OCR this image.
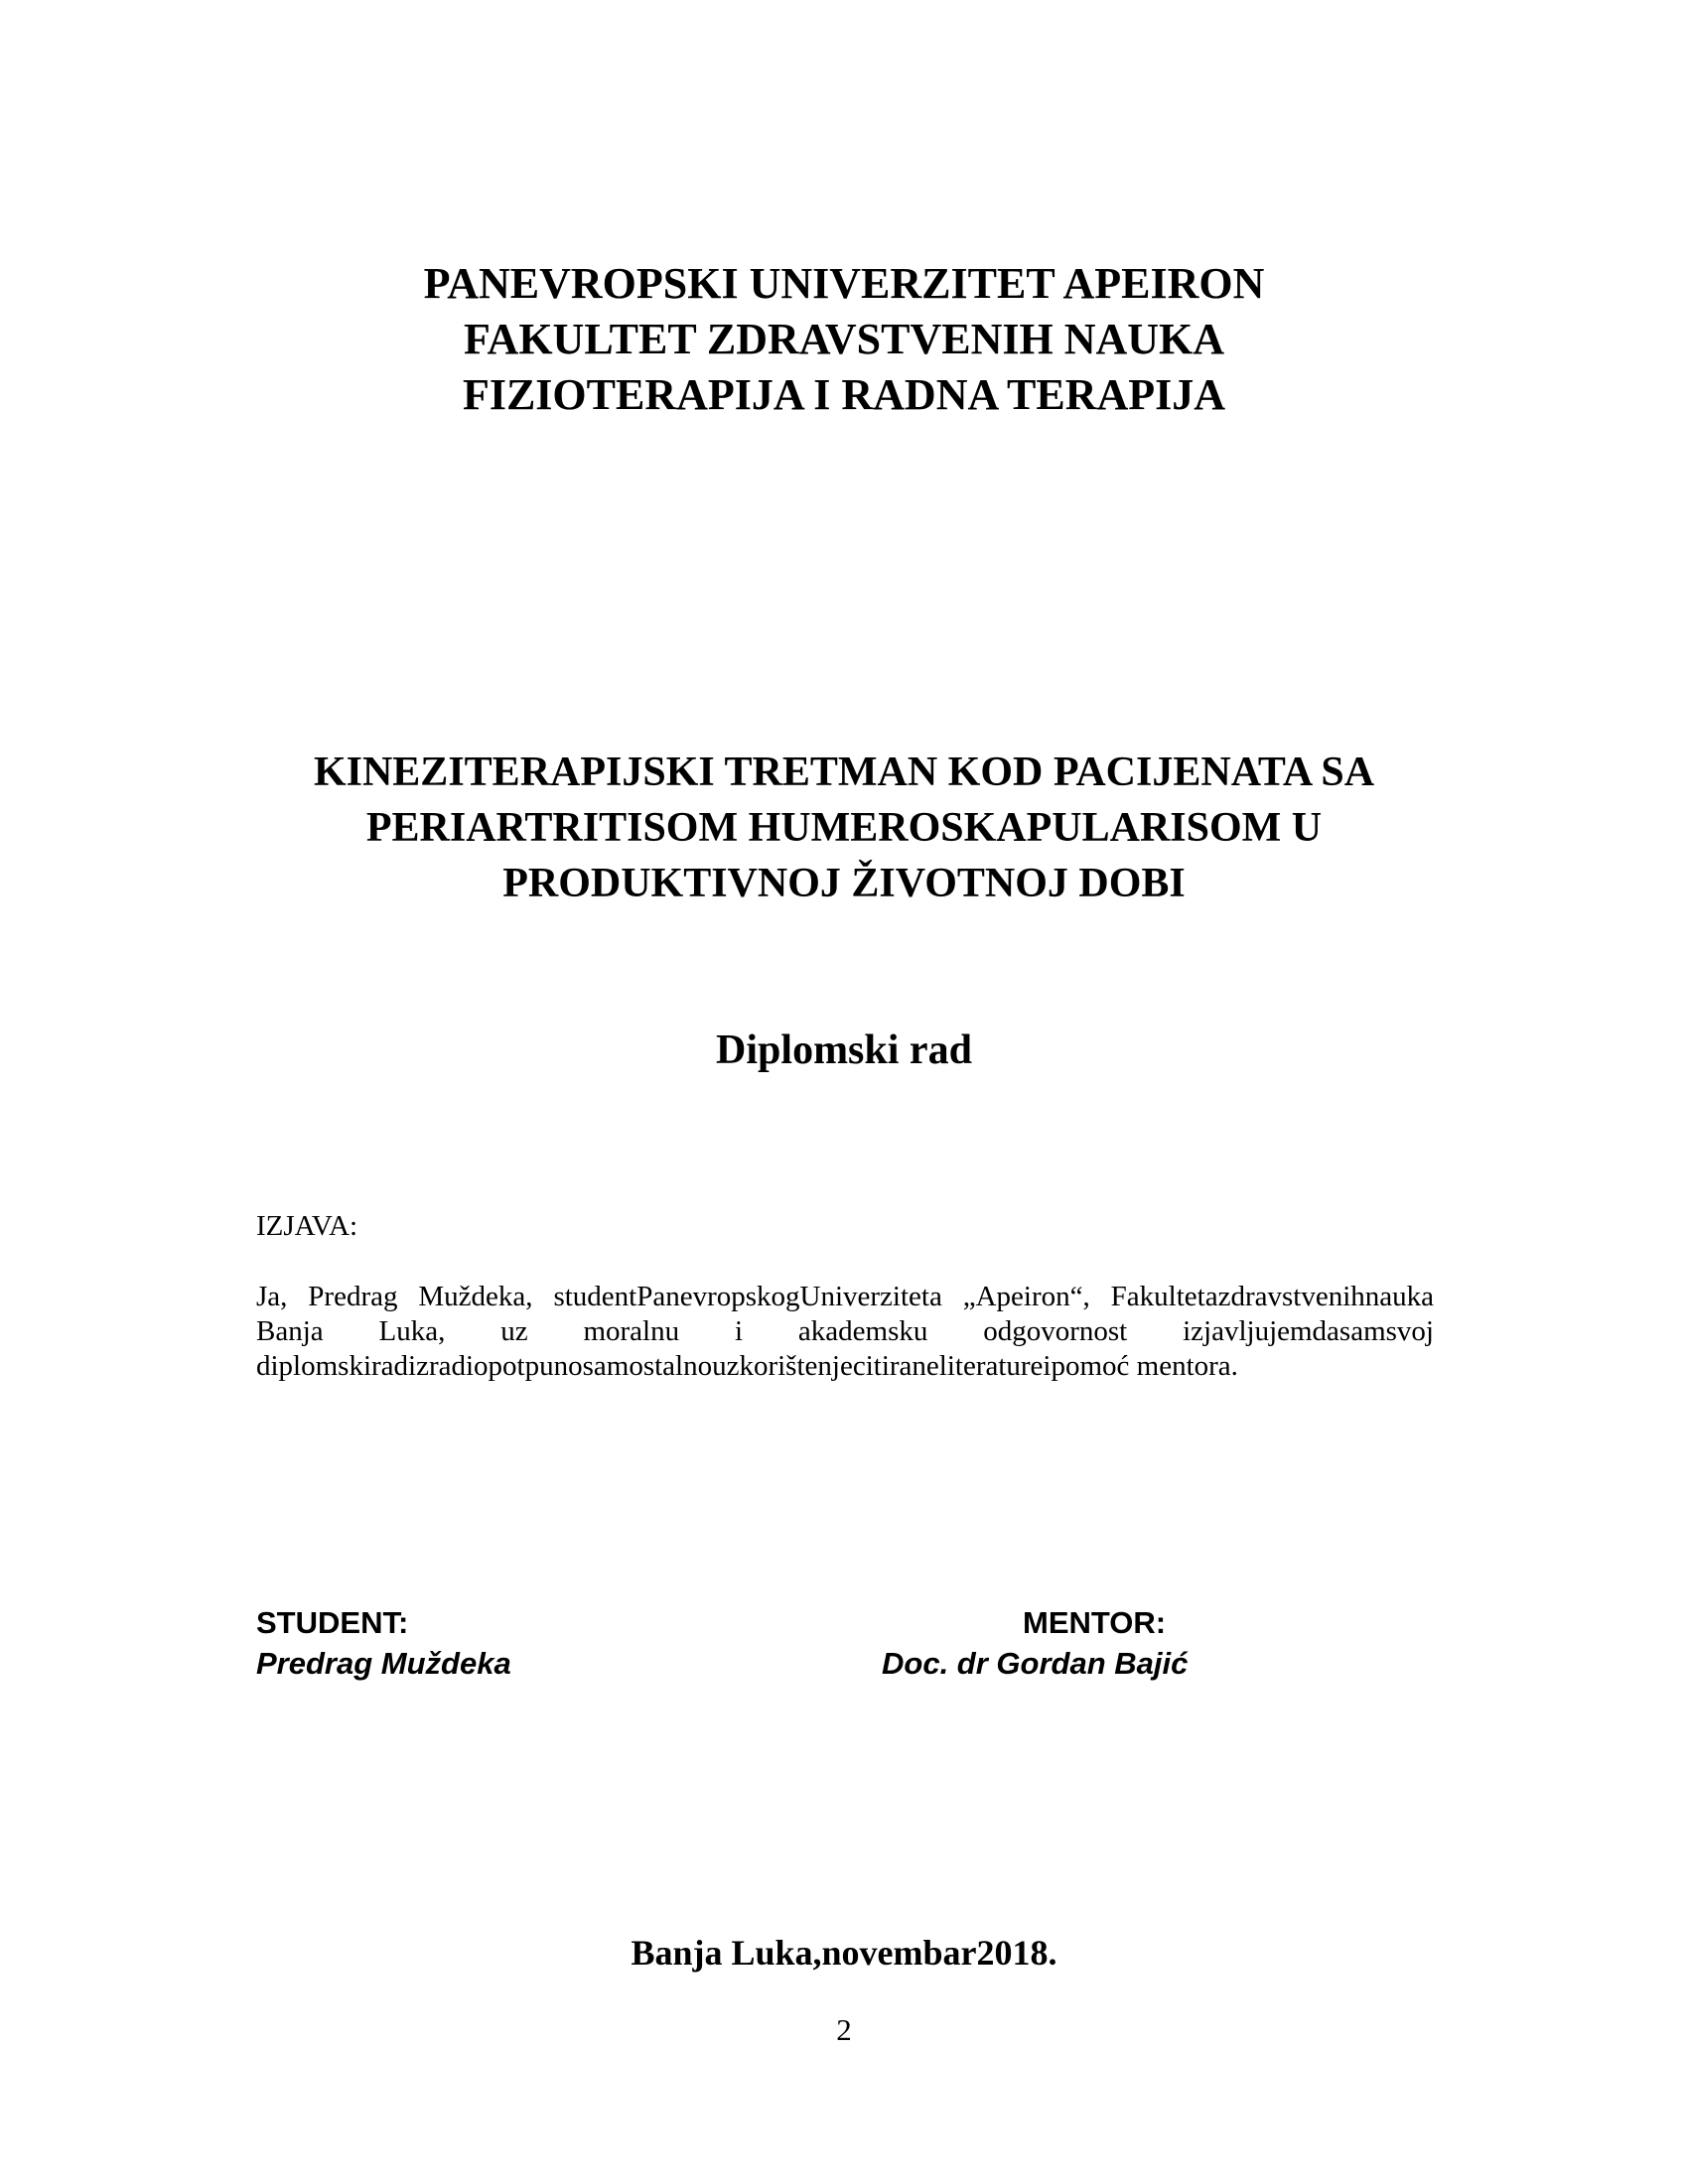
PANEVROPSKI UNIVERZITET APEIRON
FAKULTET ZDRAVSTVENIH NAUKA
FIZIOTERAPIJA I RADNA TERAPIJA
KINEZITERAPIJSKI TRETMAN KOD PACIJENATA SA
PERIARTRITISOM HUMEROSKAPULARISOM U
PRODUKTIVNOJ ŽIVOTNOJ DOBI
Diplomski rad
IZJAVA:
Ja, Predrag Muždeka, studentPanevropskogUniverziteta „Apeiron“, Fakultetazdravstvenihnauka Banja Luka, uz moralnu i akademsku odgovornost izjavljujemdasamsvoj diplomskiradizradiopotpunosamostalnouzkorištenjecitiraneliteratureipomoć mentora.
STUDENT:
Predrag Muždeka
MENTOR:
Doc. dr Gordan Bajić
Banja Luka,novembar2018.
2
